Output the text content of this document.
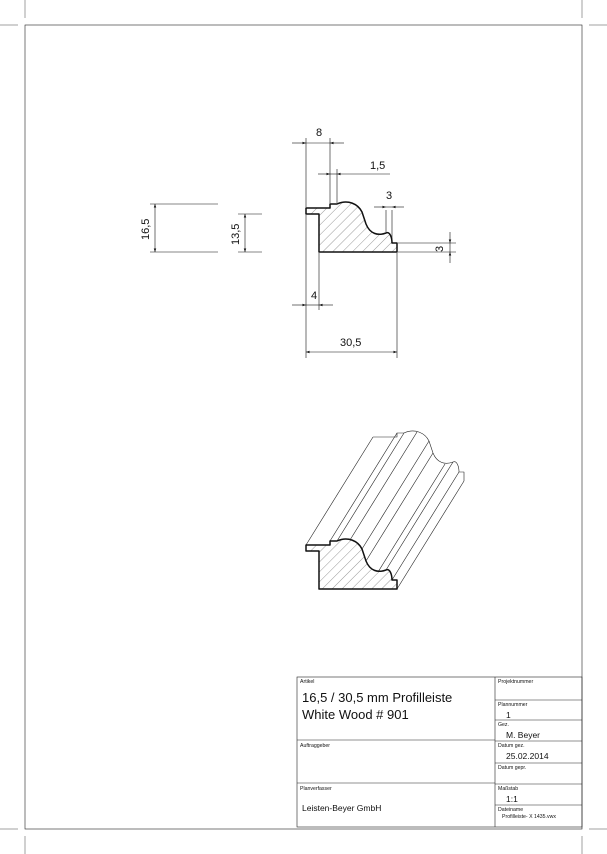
8
1,5
3
3
16,5	13,5
4
30,5
Artikel
16,5 / 30,5 mm Profilleiste
White Wood # 901
Projektnummer
Plannummer
1
Gez.
M. Beyer
Auftraggeber	Datum gez.
25.02.2014
Datum gepr.
Planverfasser
Leisten-Beyer GmbH
Maßstab
1:1
Dateiname
Profilleiste- X 1435.vwx
